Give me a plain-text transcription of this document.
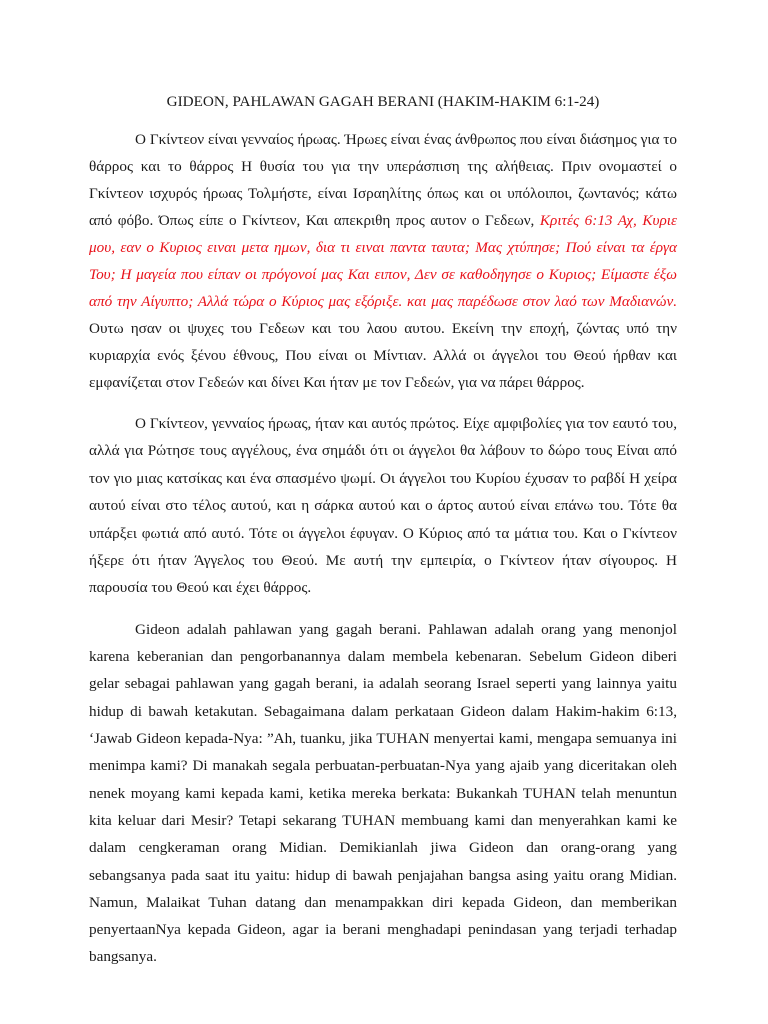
GIDEON, PAHLAWAN GAGAH BERANI (HAKIM-HAKIM 6:1-24)

Ο Γκίντεον είναι γενναίος ήρωας. Ήρωες είναι ένας άνθρωπος που είναι διάσημος για το θάρρος και το θάρρος Η θυσία του για την υπεράσπιση της αλήθειας. Πριν ονομαστεί ο Γκίντεον ισχυρός ήρωας Τολμήστε, είναι Ισραηλίτης όπως και οι υπόλοιποι, ζωντανός; κάτω από φόβο. Όπως είπε ο Γκίντεον, Και απεκριθη προς αυτον ο Γεδεων, Κριτές 6:13 Αχ, Κυριε μου, εαν ο Κυριος ειναι μετα ημων, δια τι ειναι παντα ταυτα; Μας χτύπησε; Πού είναι τα έργα Του; Η μαγεία που είπαν οι πρόγονοί μας Και ειπον, Δεν σε καθοδηγησε ο Κυριος; Είμαστε έξω από την Αίγυπτο; Αλλά τώρα ο Κύριος μας εξόριξε. και μας παρέδωσε στον λαό των Μαδιανών. Ουτω ησαν οι ψυχες του Γεδεων και του λαου αυτου. Εκείνη την εποχή, ζώντας υπό την κυριαρχία ενός ξένου έθνους, Που είναι οι Μίντιαν. Αλλά οι άγγελοι του Θεού ήρθαν και εμφανίζεται στον Γεδεών και δίνει Και ήταν με τον Γεδεών, για να πάρει θάρρος.

Ο Γκίντεον, γενναίος ήρωας, ήταν και αυτός πρώτος. Είχε αμφιβολίες για τον εαυτό του, αλλά για Ρώτησε τους αγγέλους, ένα σημάδι ότι οι άγγελοι θα λάβουν το δώρο τους Είναι από τον γιο μιας κατσίκας και ένα σπασμένο ψωμί. Οι άγγελοι του Κυρίου έχυσαν το ραβδί Η χείρα αυτού είναι στο τέλος αυτού, και η σάρκα αυτού και ο άρτος αυτού είναι επάνω του. Τότε θα υπάρξει φωτιά από αυτό. Τότε οι άγγελοι έφυγαν. Ο Κύριος από τα μάτια του. Και ο Γκίντεον ήξερε ότι ήταν Άγγελος του Θεού. Με αυτή την εμπειρία, ο Γκίντεον ήταν σίγουρος. Η παρουσία του Θεού και έχει θάρρος.

Gideon adalah pahlawan yang gagah berani. Pahlawan adalah orang yang menonjol karena keberanian dan pengorbanannya dalam membela kebenaran. Sebelum Gideon diberi gelar sebagai pahlawan yang gagah berani, ia adalah seorang Israel seperti yang lainnya yaitu hidup di bawah ketakutan. Sebagaimana dalam perkataan Gideon dalam Hakim-hakim 6:13, ‘Jawab Gideon kepada-Nya: ”Ah, tuanku, jika TUHAN menyertai kami, mengapa semuanya ini menimpa kami? Di manakah segala perbuatan-perbuatan-Nya yang ajaib yang diceritakan oleh nenek moyang kami kepada kami, ketika mereka berkata: Bukankah TUHAN telah menuntun kita keluar dari Mesir? Tetapi sekarang TUHAN membuang kami dan menyerahkan kami ke dalam cengkeraman orang Midian. Demikianlah jiwa Gideon dan orang-orang yang sebangsanya pada saat itu yaitu: hidup di bawah penjajahan bangsa asing yaitu orang Midian. Namun, Malaikat Tuhan datang dan menampakkan diri kepada Gideon, dan memberikan penyertaanNya kepada Gideon, agar ia berani menghadapi penindasan yang terjadi terhadap bangsanya.
